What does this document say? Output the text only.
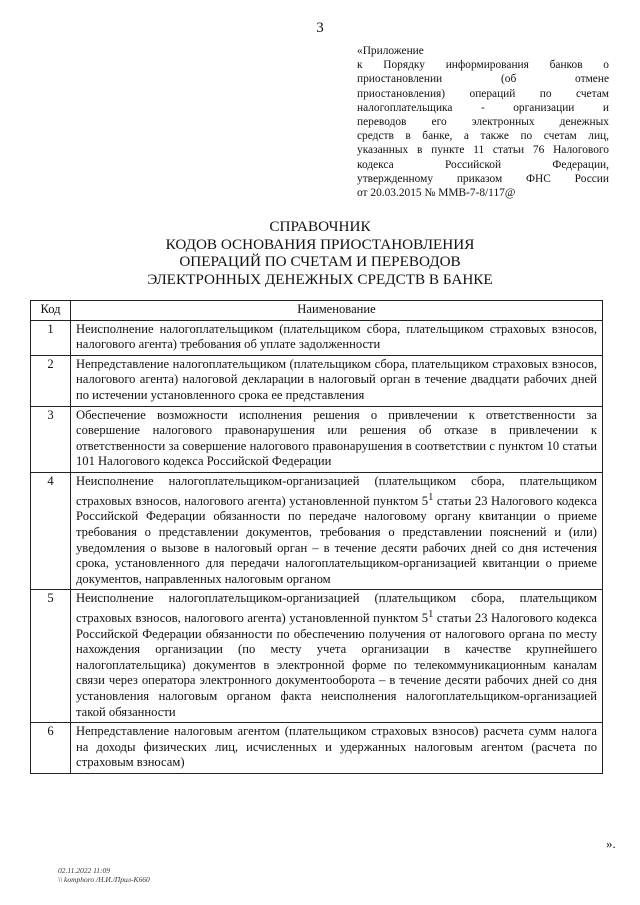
3
«Приложение
к Порядку информирования банков о
приостановлении (об отмене
приостановления) операций по счетам
налогоплательщика - организации и
переводов его электронных денежных
средств в банке, а также по счетам лиц,
указанных в пункте 11 статьи 76 Налогового
кодекса Российской Федерации,
утвержденному приказом ФНС России
от 20.03.2015 № ММВ-7-8/117@
СПРАВОЧНИК
КОДОВ ОСНОВАНИЯ ПРИОСТАНОВЛЕНИЯ
ОПЕРАЦИЙ ПО СЧЕТАМ И ПЕРЕВОДОВ
ЭЛЕКТРОННЫХ ДЕНЕЖНЫХ СРЕДСТВ В БАНКЕ
Код	Наименование
1	Неисполнение налогоплательщиком (плательщиком сбора, плательщиком страховых взносов, налогового агента) требования об уплате задолженности
2	Непредставление налогоплательщиком (плательщиком сбора, плательщиком страховых взносов, налогового агента) налоговой декларации в налоговый орган в течение двадцати рабочих дней по истечении установленного срока ее представления
3	Обеспечение возможности исполнения решения о привлечении к ответственности за совершение налогового правонарушения или решения об отказе в привлечении к ответственности за совершение налогового правонарушения в соответствии с пунктом 10 статьи 101 Налогового кодекса Российской Федерации
4	Неисполнение налогоплательщиком-организацией (плательщиком сбора, плательщиком страховых взносов, налогового агента) установленной пунктом $5^1$ статьи 23 Налогового кодекса Российской Федерации обязанности по передаче налоговому органу квитанции о приеме требования о представлении документов, требования о представлении пояснений и (или) уведомления о вызове в налоговый орган – в течение десяти рабочих дней со дня истечения срока, установленного для передачи налогоплательщиком-организацией квитанции о приеме документов, направленных налоговым органом
5	Неисполнение налогоплательщиком-организацией (плательщиком сбора, плательщиком страховых взносов, налогового агента) установленной пунктом $5^1$ статьи 23 Налогового кодекса Российской Федерации обязанности по обеспечению получения от налогового органа по месту нахождения организации (по месту учета организации в качестве крупнейшего налогоплательщика) документов в электронной форме по телекоммуникационным каналам связи через оператора электронного документооборота – в течение десяти рабочих дней со дня установления налоговым органом факта неисполнения налогоплательщиком-организацией такой обязанности
6	Непредставление налоговым агентом (плательщиком страховых взносов) расчета сумм налога на доходы физических лиц, исчисленных и удержанных налоговым агентом (расчета по страховым взносам)
».
02.11.2022 11:09
\\ komphoro /Н.И./Прил-К660
